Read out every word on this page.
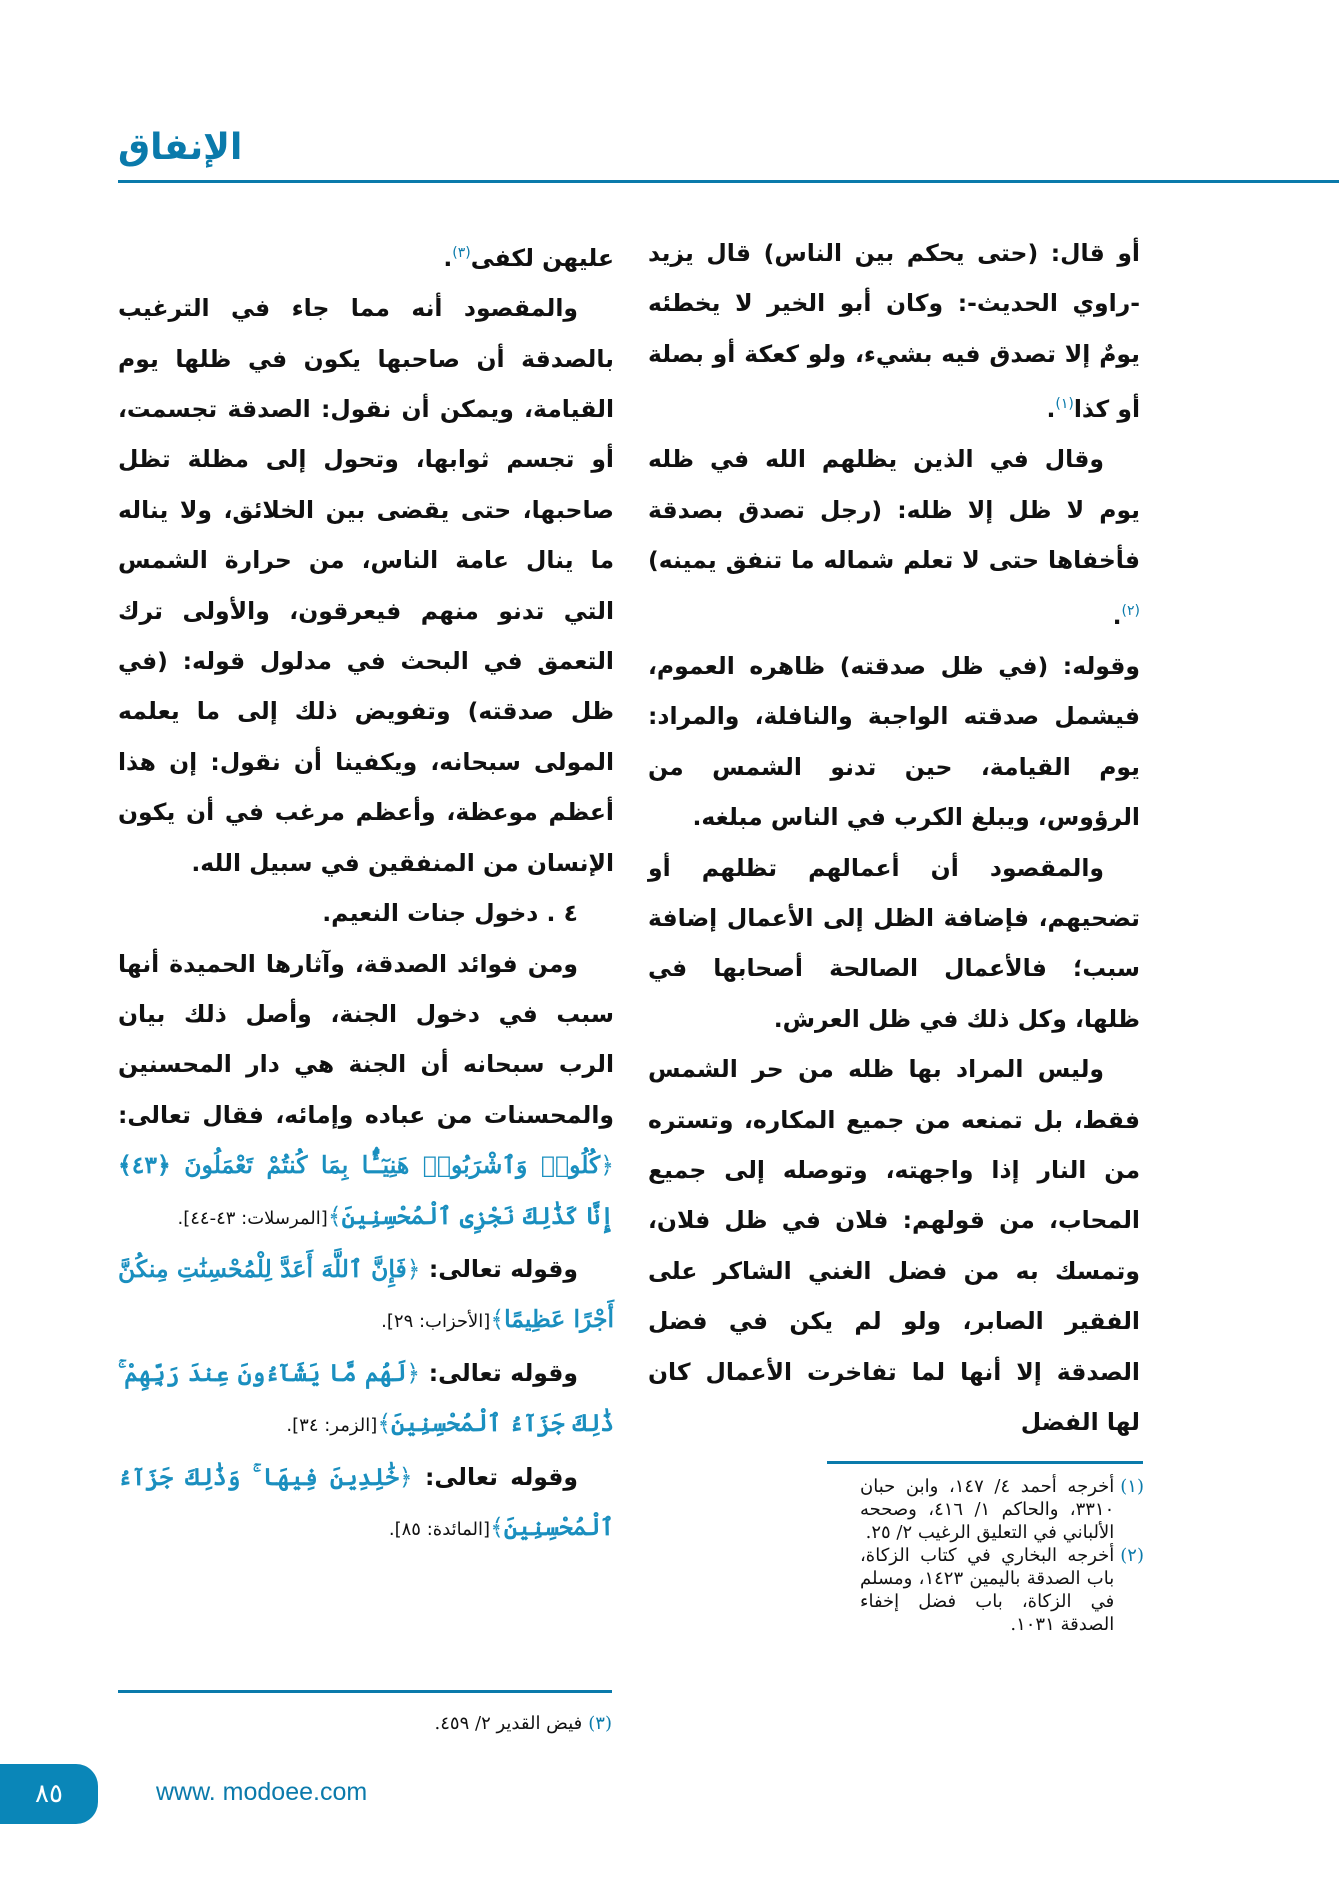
الإنفاق

أو قال: (حتى يحكم بين الناس) قال يزيد -راوي الحديث-: وكان أبو الخير لا يخطئه يومٌ إلا تصدق فيه بشيء، ولو كعكة أو بصلة أو كذا$^{(١)}$.

وقال في الذين يظلهم الله في ظله يوم لا ظل إلا ظله: (رجل تصدق بصدقة فأخفاها حتى لا تعلم شماله ما تنفق يمينه)$^{(٢)}$.

وقوله: (في ظل صدقته) ظاهره العموم، فيشمل صدقته الواجبة والنافلة، والمراد: يوم القيامة، حين تدنو الشمس من الرؤوس، ويبلغ الكرب في الناس مبلغه.

والمقصود أن أعمالهم تظلهم أو تضحيهم، فإضافة الظل إلى الأعمال إضافة سبب؛ فالأعمال الصالحة أصحابها في ظلها، وكل ذلك في ظل العرش.

وليس المراد بها ظله من حر الشمس فقط، بل تمنعه من جميع المكاره، وتستره من النار إذا واجهته، وتوصله إلى جميع المحاب، من قولهم: فلان في ظل فلان، وتمسك به من فضل الغني الشاكر على الفقير الصابر، ولو لم يكن في فضل الصدقة إلا أنها لما تفاخرت الأعمال كان لها الفضل

(١)
أخرجه أحمد ٤/ ١٤٧، وابن حبان ٣٣١٠، والحاكم ١/ ٤١٦، وصححه الألباني في التعليق الرغيب ٢/ ٢٥.

(٢)
أخرجه البخاري في كتاب الزكاة، باب الصدقة باليمين ١٤٢٣، ومسلم في الزكاة، باب فضل إخفاء الصدقة ١٠٣١.

عليهن لكفى$^{(٣)}$.

والمقصود أنه مما جاء في الترغيب بالصدقة أن صاحبها يكون في ظلها يوم القيامة، ويمكن أن نقول: الصدقة تجسمت، أو تجسم ثوابها، وتحول إلى مظلة تظل صاحبها، حتى يقضى بين الخلائق، ولا يناله ما ينال عامة الناس، من حرارة الشمس التي تدنو منهم فيعرقون، والأولى ترك التعمق في البحث في مدلول قوله: (في ظل صدقته) وتفويض ذلك إلى ما يعلمه المولى سبحانه، ويكفينا أن نقول: إن هذا أعظم موعظة، وأعظم مرغب في أن يكون الإنسان من المنفقين في سبيل الله.

٤ . دخول جنات النعيم.

ومن فوائد الصدقة، وآثارها الحميدة أنها سبب في دخول الجنة، وأصل ذلك بيان الرب سبحانه أن الجنة هي دار المحسنين والمحسنات من عباده وإمائه، فقال تعالى: ﴿كُلُوا۟ وَٱشْرَبُوا۟ هَنِيٓـًٔۢا بِمَا كُنتُمْ تَعْمَلُونَ ﴿٤٣﴾ إِنَّا كَذَٰلِكَ نَجْزِى ٱلْمُحْسِنِينَ﴾[المرسلات: ٤٣-٤٤].

وقوله تعالى: ﴿فَإِنَّ ٱللَّهَ أَعَدَّ لِلْمُحْسِنَٰتِ مِنكُنَّ أَجْرًا عَظِيمًا﴾[الأحزاب: ٢٩].

وقوله تعالى: ﴿لَهُم مَّا يَشَآءُونَ عِندَ رَبِّهِمْ ۚ ذَٰلِكَ جَزَآءُ ٱلْمُحْسِنِينَ﴾[الزمر: ٣٤].

وقوله تعالى: ﴿خَٰلِدِينَ فِيهَا ۚ وَذَٰلِكَ جَزَآءُ ٱلْمُحْسِنِينَ﴾[المائدة: ٨٥].

(٣)
فيض القدير ٢/ ٤٥٩.

٨٥	www. modoee.com
